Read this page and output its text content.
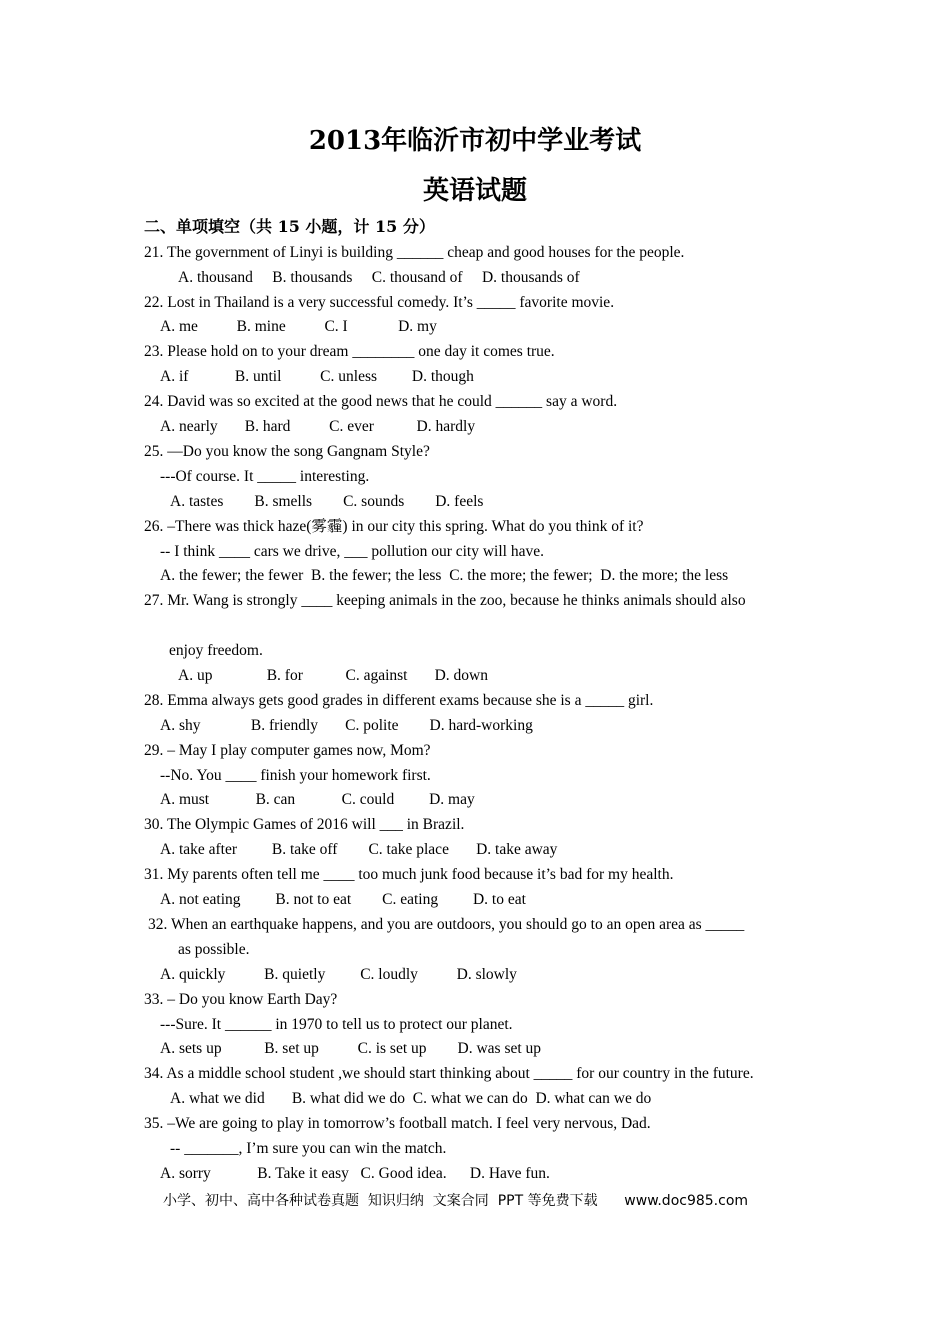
2013年临沂市初中学业考试
英语试题
二、单项填空（共 15 小题，计 15 分）
21. The government of Linyi is building ______ cheap and good houses for the people.
A. thousand     B. thousands     C. thousand of     D. thousands of
22. Lost in Thailand is a very successful comedy. It’s _____ favorite movie.
A. me          B. mine          C. I             D. my
23. Please hold on to your dream ________ one day it comes true.
A. if            B. until          C. unless         D. though
24. David was so excited at the good news that he could ______ say a word.
A. nearly       B. hard          C. ever           D. hardly
25. —Do you know the song Gangnam Style?
---Of course. It _____ interesting.
A. tastes        B. smells        C. sounds        D. feels
26. –There was thick haze(雾霾) in our city this spring. What do you think of it?
-- I think ____ cars we drive, ___ pollution our city will have.
A. the fewer; the fewer  B. the fewer; the less  C. the more; the fewer;  D. the more; the less
27. Mr. Wang is strongly ____ keeping animals in the zoo, because he thinks animals should also
enjoy freedom.
A. up              B. for           C. against       D. down
28. Emma always gets good grades in different exams because she is a _____ girl.
A. shy             B. friendly       C. polite        D. hard-working
29. – May I play computer games now, Mom?
--No. You ____ finish your homework first.
A. must            B. can            C. could         D. may
30. The Olympic Games of 2016 will ___ in Brazil.
A. take after         B. take off        C. take place       D. take away
31. My parents often tell me ____ too much junk food because it’s bad for my health.
A. not eating         B. not to eat        C. eating         D. to eat
32. When an earthquake happens, and you are outdoors, you should go to an open area as _____
as possible.
A. quickly          B. quietly         C. loudly          D. slowly
33. – Do you know Earth Day?
---Sure. It ______ in 1970 to tell us to protect our planet.
A. sets up           B. set up          C. is set up        D. was set up
34. As a middle school student ,we should start thinking about _____ for our country in the future.
A. what we did       B. what did we do  C. what we can do  D. what can we do
35. –We are going to play in tomorrow’s football match. I feel very nervous, Dad.
-- _______, I’m sure you can win the match.
A. sorry            B. Take it easy   C. Good idea.      D. Have fun.
小学、初中、高中各种试卷真题  知识归纳  文案合同  PPT 等免费下载      www.doc985.com
